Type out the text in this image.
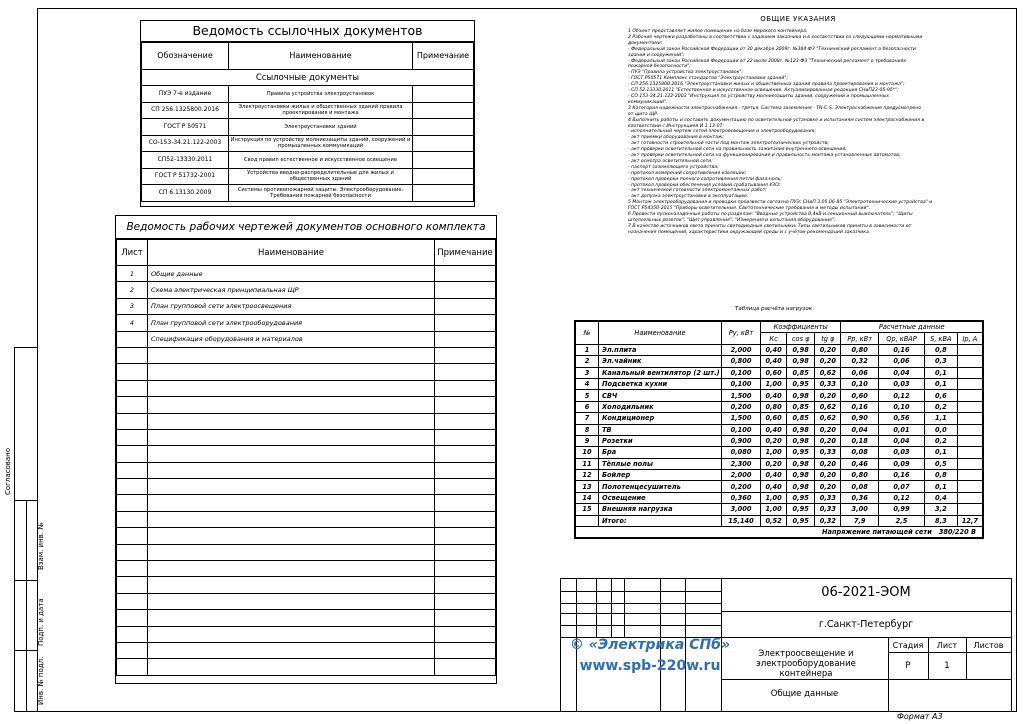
Взам. инв. №
Подп. и дата
Инв. № подл.
Согласовано
Ведомость ссылочных документов
Обозначение	Наименование	Примечание
Ссылочные документы		
ПУЭ 7-е издание	Правила устройства электроустановок	
СП 256.1325800.2016	Электроустановки жилых и общественных зданий правила проектирования и монтажа	
ГОСТ Р 50571	Электроустановки зданий	
СО-153-34.21.122-2003	Инструкция по устройству молниезащиты зданий, сооружений и промышленных коммуникаций	
СП52-13330.2011	Свод правил естественное и искусственное освещение	
ГОСТ Р 51732-2001	Устройства вводно-распределительные для жилых и общественных зданий	
СП 6.13130.2009	Системы противопожарной защиты. Электрооборудование. Требования пожарной безопасности	
Ведомость рабочих чертежей документов основного комплекта
Лист	Наименование	Примечание
1	Общие данные	
2	Схема электрическая принципиальная ЩР	
3	План групповой сети электроосвещения	
4	План групповой сети электрооборудования	
	Спецификация оборудования и материалов	

ОБЩИЕ УКАЗАНИЯ
1 Объект представляет жилое помещение на базе морского контейнера.
2 Рабочие чертежи разработаны в соответствии с заданием заказчика и в соответствии со следующими нормативными
документами:
- Федеральный закон Российской Федерации от 30 декабря 2009г. №384-ФЗ "Технический регламент о безопасности
зданий и сооружений";
- Федеральный закон Российской Федерации от 22 июля 2008г. №123-ФЗ "Технический регламент о требованиях
пожарной безопасности";
- ПУЭ "Правила устройства электроустановок";
- ГОСТ Р50571 Комплекс стандартов "Электроустановки зданий";
- СП 256.1325800.2016 "Электроустановки жилых и общественных зданий правила проектирования и монтажа";
- СП 52.13330.2011 "Естественное и искусственное освещение. Актуализированная редакция СНиП23-05-95*";
- СО 153-34.21.122-2003 "Инструкция по устройству молниезащиты зданий, сооружений и промышленных
коммуникаций".
3 Категория надежности электроснабжения - третья. Система заземления - TN-C-S. Электроснабжение предусмотрено
от щита ЩР.
4 Выполнить работы и составить документацию по осветительной установке и испытаниям систем электроснабжения в
соответствии с Инструкцией И 1.13-07:
- исполнительный чертеж сетей электроосвещения и электрооборудования;
- акт приемки оборудования в монтаж;
- акт готовности строительной части под монтаж электротехнических устройств;
- акт проверки осветительной сети на правильность зажигания внутреннего освещения;
- акт проверки осветительной сети на функционирование и правильность монтажа установленных автоматов;
- акт осмотра осветительной сети;
- паспорт заземляющего устройства;
- протокол измерений сопротивления изоляции;
- протокол проверки полного сопротивления петли фаза-ноль;
- протокол проверки обеспечения условий срабатывания УЗО;
- акт технической готовности электромонтажных работ;
- акт допуска электроустановки в эксплуатацию.
5 Монтаж электрооборудования и проводки произвести согласно ПУЭ; СНиП 3.05.06-85 "Электротехнические устройства" и
ГОСТ Р54350-2015 "Приборы осветительные. Светотехнические требования и методы испытаний".
6 Провести пусконаладочные работы по разделам: "Вводные устройства 0,4кВ и секционный выключатель"; "Щиты
штепсельных розеток"; "Щит управления"; "Измерения и испытания оборудования".
7 В качестве источников света приняты светодиодные светильники. Типы светильников приняты в зависимости от
назначения помещений, характеристики окружающей среды и с учётом рекомендаций заказчика.
Таблица расчёта нагрузок
№	Наименование	Ру, кВт	Коэффициенты			Расчетные данные			
			Кс	cos φ	tg φ	Рр, кВт	Qр, кВАР	S, кВА	Iр, А
1	Эл.плита	2,000	0,40	0,98	0,20	0,80	0,16	0,8	
2	Эл.чайник	0,800	0,40	0,98	0,20	0,32	0,06	0,3	
3	Канальный вентилятор (2 шт.)	0,100	0,60	0,85	0,62	0,06	0,04	0,1	
4	Подсветка кухни	0,100	1,00	0,95	0,33	0,10	0,03	0,1	
5	СВЧ	1,500	0,40	0,98	0,20	0,60	0,12	0,6	
6	Холодильник	0,200	0,80	0,85	0,62	0,16	0,10	0,2	
7	Кондиционер	1,500	0,60	0,85	0,62	0,90	0,56	1,1	
8	ТВ	0,100	0,40	0,98	0,20	0,04	0,01	0,0	
9	Розетки	0,900	0,20	0,98	0,20	0,18	0,04	0,2	
10	Бра	0,080	1,00	0,95	0,33	0,08	0,03	0,1	
11	Тёплые полы	2,300	0,20	0,98	0,20	0,46	0,09	0,5	
12	Бойлер	2,000	0,40	0,98	0,20	0,80	0,16	0,8	
13	Полотенцесушитель	0,200	0,40	0,98	0,20	0,08	0,07	0,1	
14	Освещение	0,360	1,00	0,95	0,33	0,36	0,12	0,4	
15	Внешняя нагрузка	3,000	1,00	0,95	0,33	3,00	0,99	3,2	
	Итого:	15,140	0,52	0,95	0,32	7,9	2,5	8,3	12,7
Напряжение питающей сети 380/220 В									
06-2021-ЭОМ
г.Санкт-Петербург
Электроосвещение и электрооборудование контейнера
Общие данные
Стадия	Лист	Листов
Р	1
© «Электрика СПб»
www.spb-220w.ru
Формат А3
